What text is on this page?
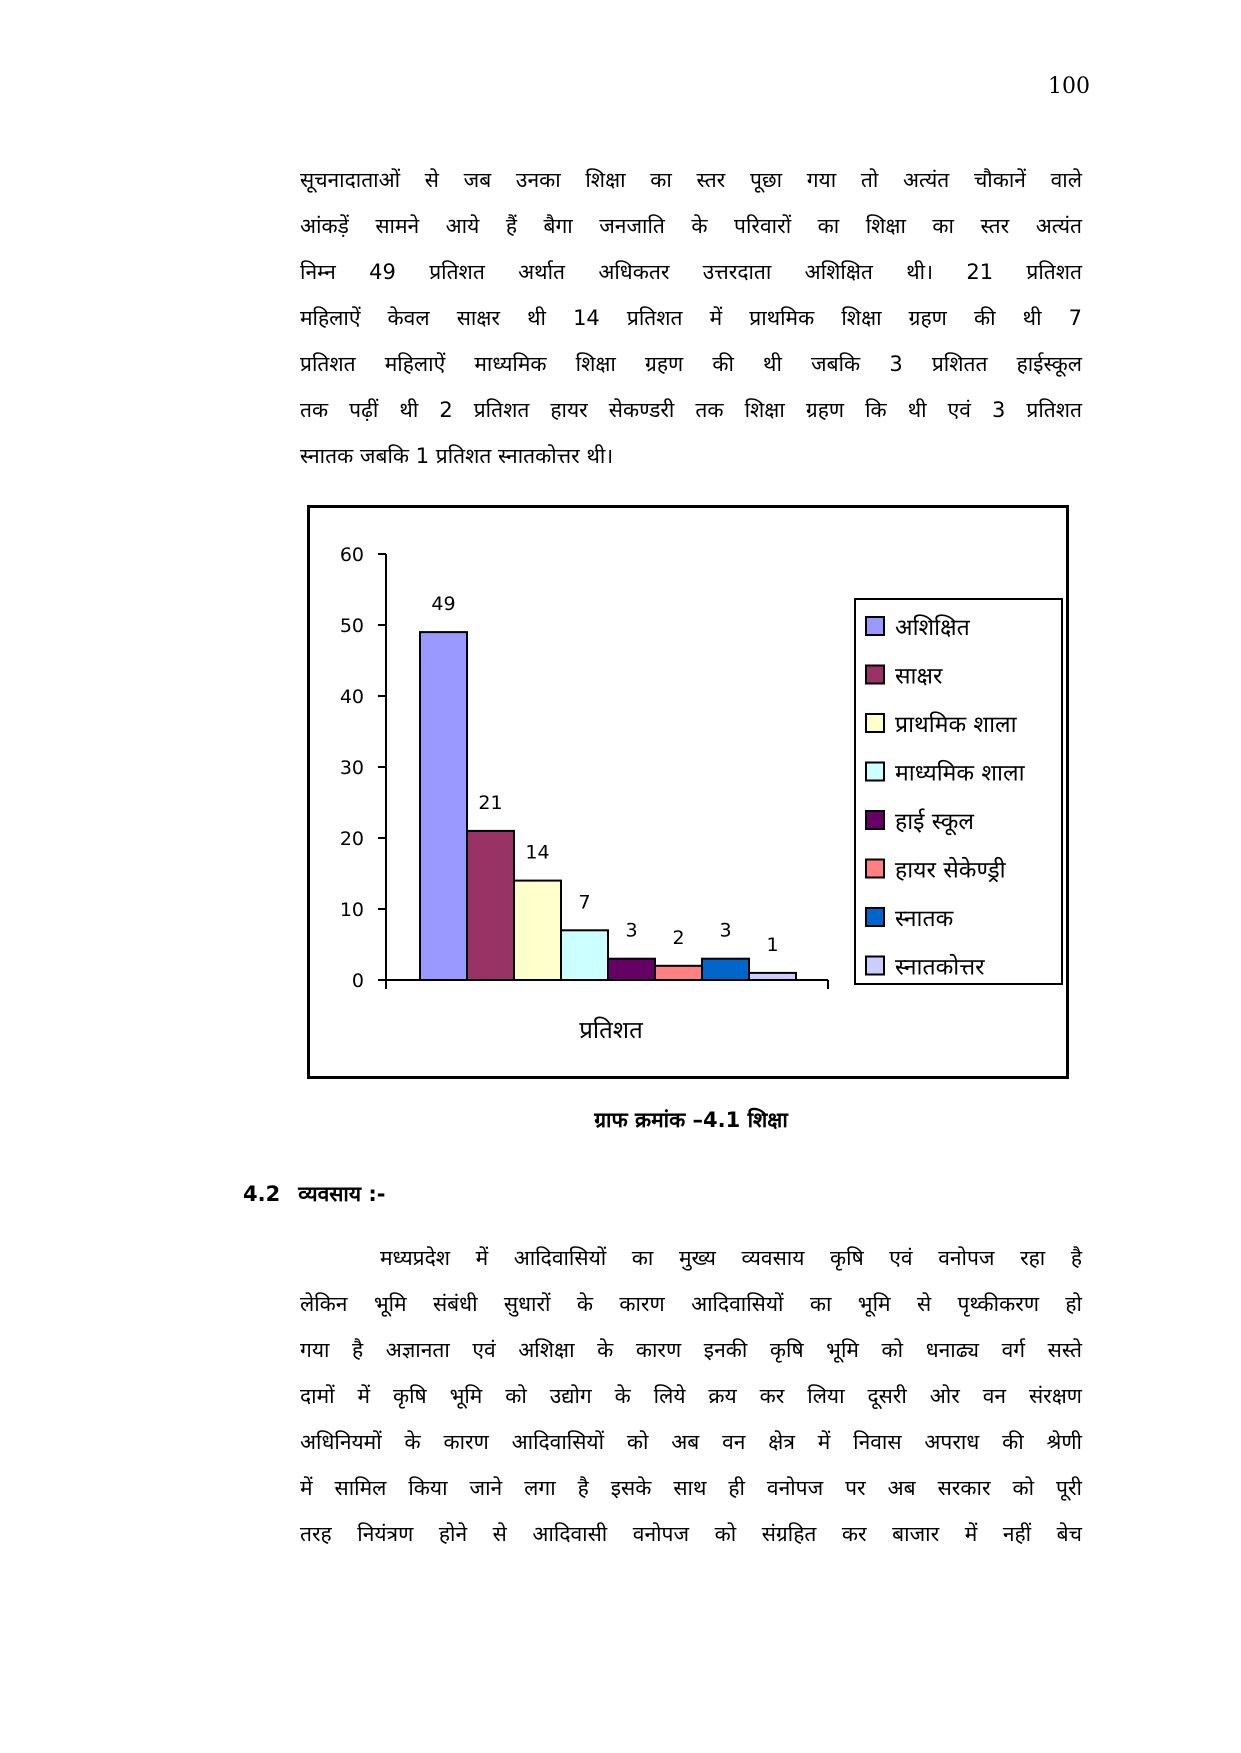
100
सूचनादाताओं से जब उनका शिक्षा का स्तर पूछा गया तो अत्यंत चौकानें वाले
आंकड़ें सामने आये हैं बैगा जनजाति के परिवारों का शिक्षा का स्तर अत्यंत
निम्न 49 प्रतिशत अर्थात अधिकतर उत्तरदाता अशिक्षित थी। 21 प्रतिशत
महिलाऐं केवल साक्षर थी 14 प्रतिशत में प्राथमिक शिक्षा ग्रहण की थी 7
प्रतिशत महिलाऐं माध्यमिक शिक्षा ग्रहण की थी जबकि 3 प्रशितत हाईस्कूल
तक पढ़ीं थी 2 प्रतिशत हायर सेकण्डरी तक शिक्षा ग्रहण कि थी एवं 3 प्रतिशत
स्नातक जबकि 1 प्रतिशत स्नातकोत्तर थी।
0
10
20
30
40
50
60
49
21
14
7
3 2 3
1
प्रतिशत
अशिक्षित
साक्षर
प्राथमिक शाला
माध्यमिक शाला
हाई स्कूल
हायर सेकेण्ड्री
स्नातक
स्नातकोत्तर
ग्राफ क्रमांक –4.1 शिक्षा
4.2 व्यवसाय :-
मध्यप्रदेश में आदिवासियों का मुख्य व्यवसाय कृषि एवं वनोपज रहा है
लेकिन भूमि संबंधी सुधारों के कारण आदिवासियों का भूमि से पृथ्कीकरण हो
गया है अज्ञानता एवं अशिक्षा के कारण इनकी कृषि भूमि को धनाढ्य वर्ग सस्ते
दामों में कृषि भूमि को उद्योग के लिये क्रय कर लिया दूसरी ओर वन संरक्षण
अधिनियमों के कारण आदिवासियों को अब वन क्षेत्र में निवास अपराध की श्रेणी
में सामिल किया जाने लगा है इसके साथ ही वनोपज पर अब सरकार को पूरी
तरह नियंत्रण होने से आदिवासी वनोपज को संग्रहित कर बाजार में नहीं बेच
